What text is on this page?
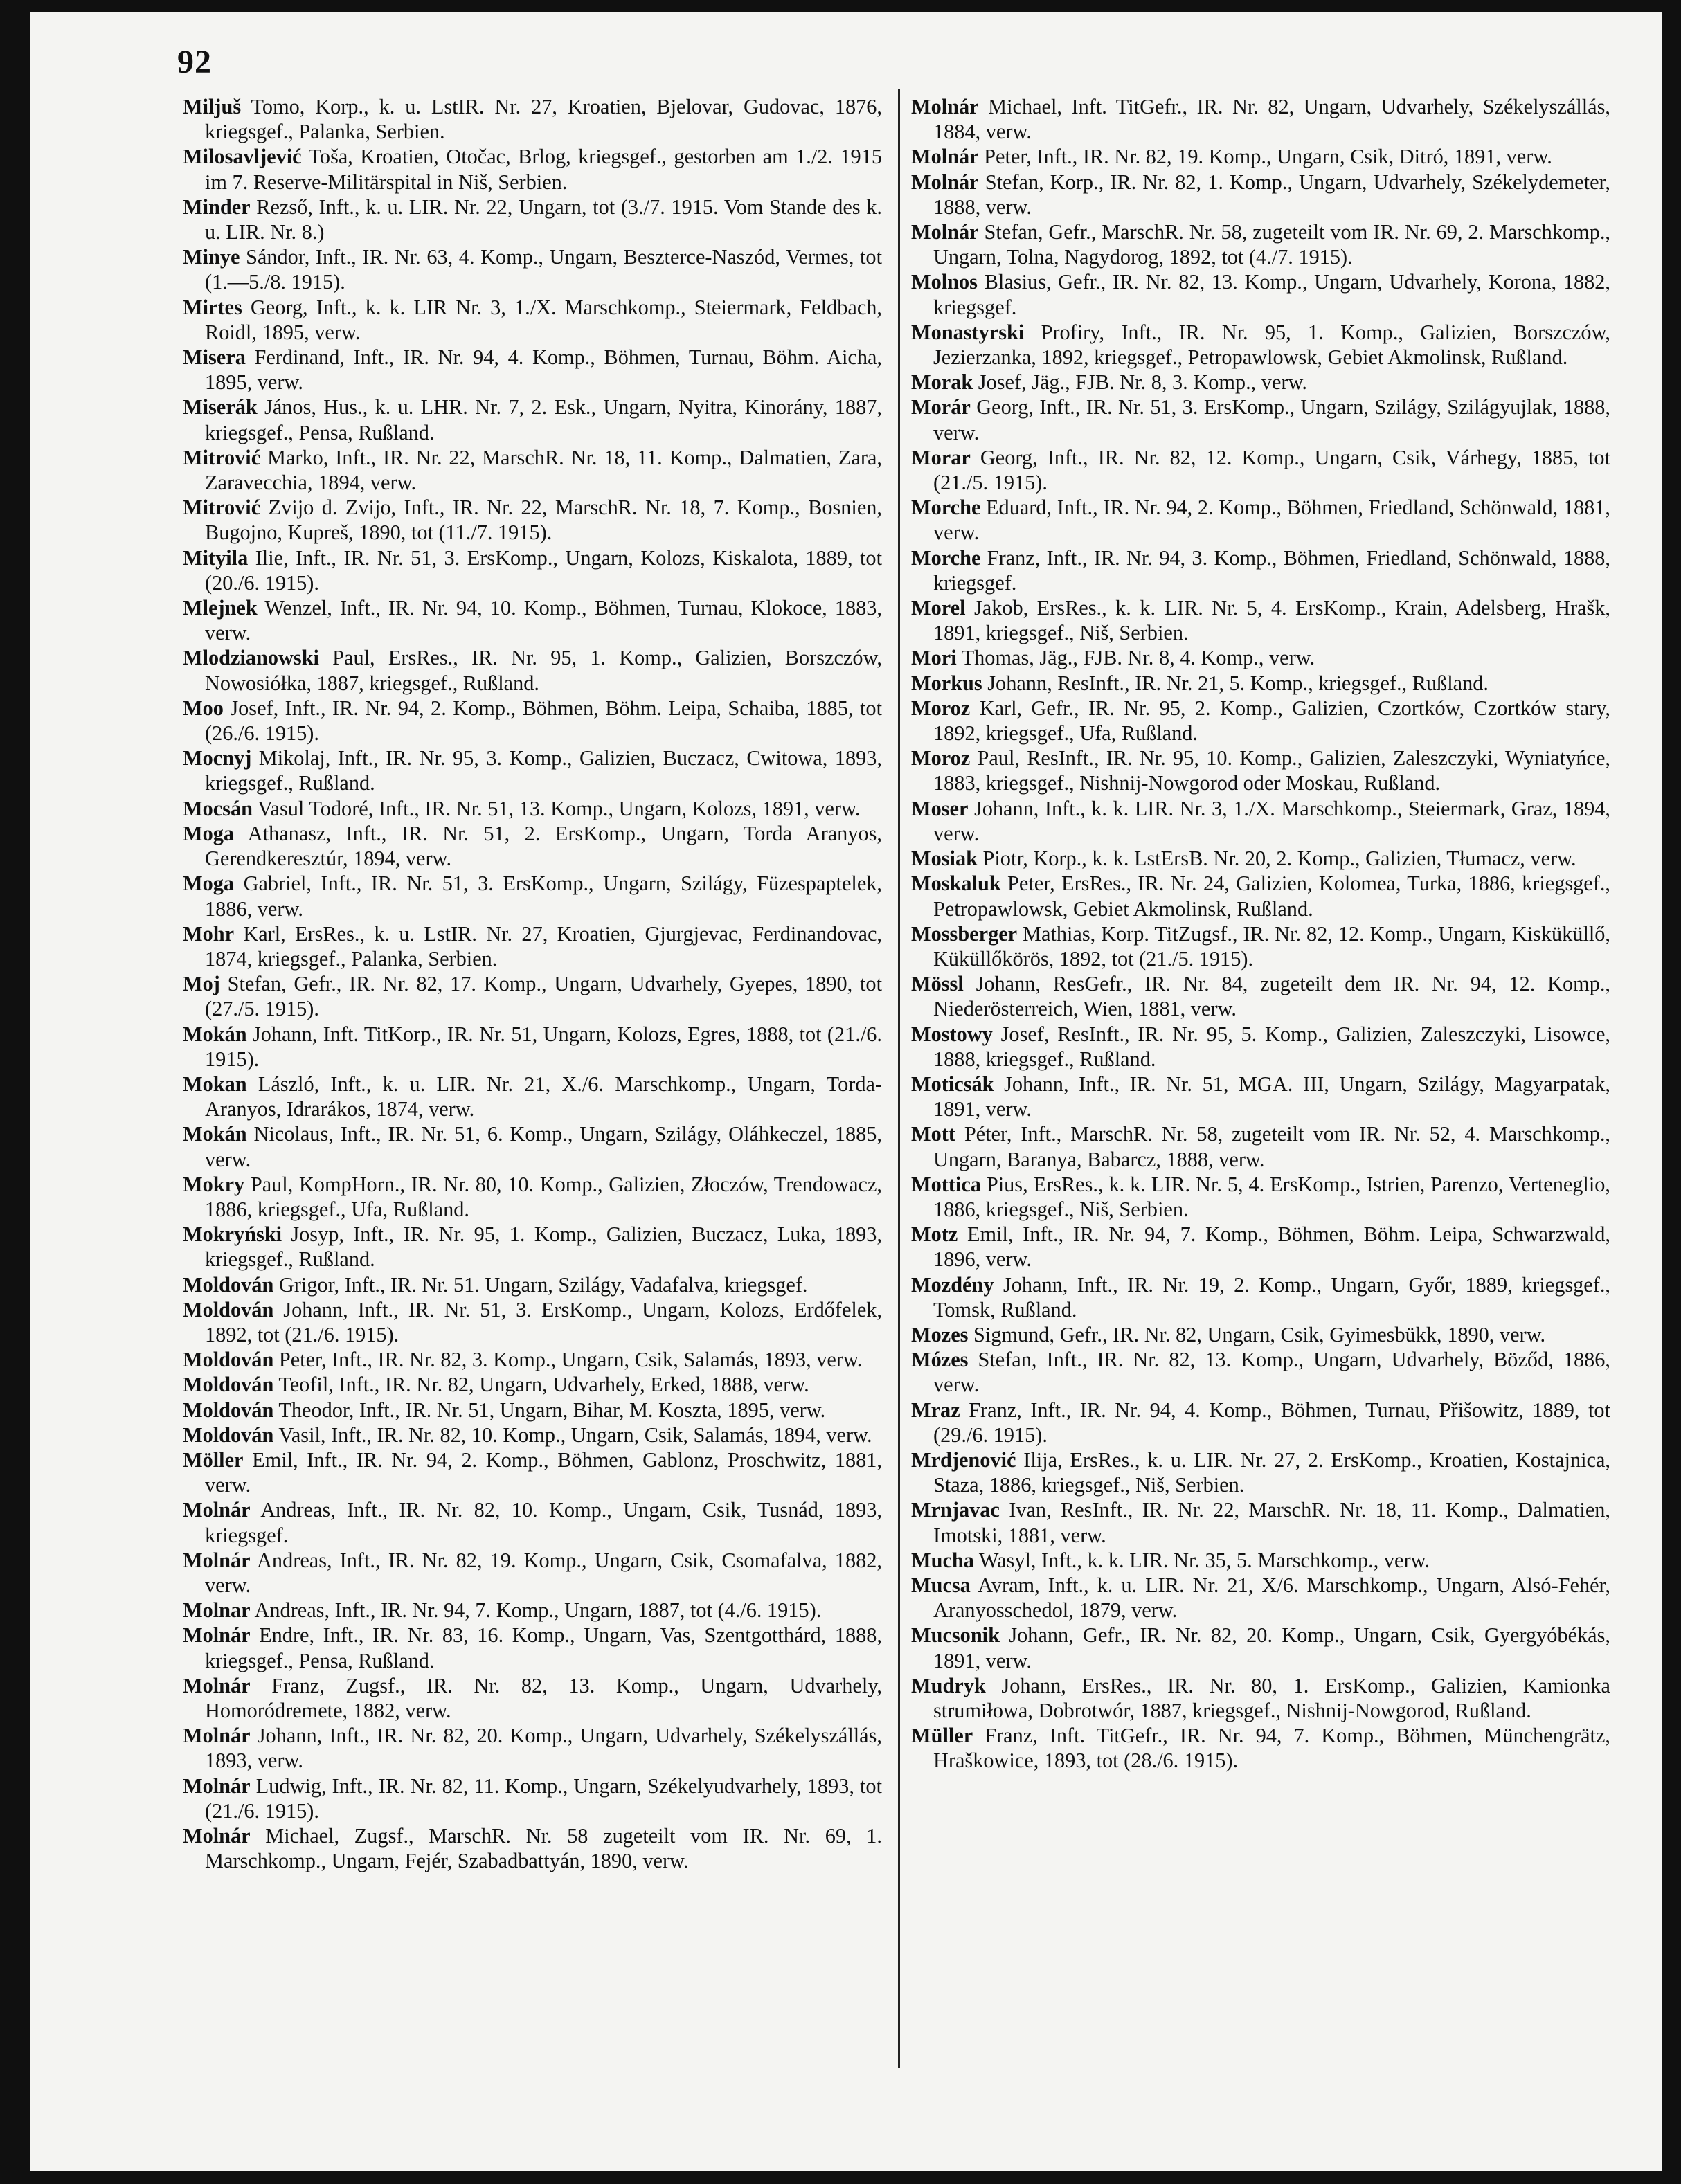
92

Miljuš Tomo, Korp., k. u. LstIR. Nr. 27, Kroatien, Bjelovar, Gudovac, 1876, kriegsgef., Palanka, Serbien.

Milosavljević Toša, Kroatien, Otočac, Brlog, kriegsgef., gestorben am 1./2. 1915 im 7. Reserve-Militärspital in Niš, Serbien.

Minder Rezső, Inft., k. u. LIR. Nr. 22, Ungarn, tot (3./7. 1915. Vom Stande des k. u. LIR. Nr. 8.)

Minye Sándor, Inft., IR. Nr. 63, 4. Komp., Ungarn, Beszterce-Naszód, Vermes, tot (1.—5./8. 1915).

Mirtes Georg, Inft., k. k. LIR Nr. 3, 1./X. Marschkomp., Steiermark, Feldbach, Roidl, 1895, verw.

Misera Ferdinand, Inft., IR. Nr. 94, 4. Komp., Böhmen, Turnau, Böhm. Aicha, 1895, verw.

Miserák János, Hus., k. u. LHR. Nr. 7, 2. Esk., Ungarn, Nyitra, Kinorány, 1887, kriegsgef., Pensa, Rußland.

Mitrović Marko, Inft., IR. Nr. 22, MarschR. Nr. 18, 11. Komp., Dalmatien, Zara, Zaravecchia, 1894, verw.

Mitrović Zvijo d. Zvijo, Inft., IR. Nr. 22, MarschR. Nr. 18, 7. Komp., Bosnien, Bugojno, Kupreš, 1890, tot (11./7. 1915).

Mityila Ilie, Inft., IR. Nr. 51, 3. ErsKomp., Ungarn, Kolozs, Kiskalota, 1889, tot (20./6. 1915).

Mlejnek Wenzel, Inft., IR. Nr. 94, 10. Komp., Böhmen, Turnau, Klokoce, 1883, verw.

Mlodzianowski Paul, ErsRes., IR. Nr. 95, 1. Komp., Galizien, Borszczów, Nowosiółka, 1887, kriegsgef., Rußland.

Moo Josef, Inft., IR. Nr. 94, 2. Komp., Böhmen, Böhm. Leipa, Schaiba, 1885, tot (26./6. 1915).

Mocnyj Mikolaj, Inft., IR. Nr. 95, 3. Komp., Galizien, Buczacz, Cwitowa, 1893, kriegsgef., Rußland.

Mocsán Vasul Todoré, Inft., IR. Nr. 51, 13. Komp., Ungarn, Kolozs, 1891, verw.

Moga Athanasz, Inft., IR. Nr. 51, 2. ErsKomp., Ungarn, Torda Aranyos, Gerendkeresztúr, 1894, verw.

Moga Gabriel, Inft., IR. Nr. 51, 3. ErsKomp., Ungarn, Szilágy, Füzespaptelek, 1886, verw.

Mohr Karl, ErsRes., k. u. LstIR. Nr. 27, Kroatien, Gjurgjevac, Ferdinandovac, 1874, kriegsgef., Palanka, Serbien.

Moj Stefan, Gefr., IR. Nr. 82, 17. Komp., Ungarn, Udvarhely, Gyepes, 1890, tot (27./5. 1915).

Mokán Johann, Inft. TitKorp., IR. Nr. 51, Ungarn, Kolozs, Egres, 1888, tot (21./6. 1915).

Mokan László, Inft., k. u. LIR. Nr. 21, X./6. Marschkomp., Ungarn, Torda-Aranyos, Idrarákos, 1874, verw.

Mokán Nicolaus, Inft., IR. Nr. 51, 6. Komp., Ungarn, Szilágy, Oláhkeczel, 1885, verw.

Mokry Paul, KompHorn., IR. Nr. 80, 10. Komp., Galizien, Złoczów, Trendowacz, 1886, kriegsgef., Ufa, Rußland.

Mokryński Josyp, Inft., IR. Nr. 95, 1. Komp., Galizien, Buczacz, Luka, 1893, kriegsgef., Rußland.

Moldován Grigor, Inft., IR. Nr. 51. Ungarn, Szilágy, Vadafalva, kriegsgef.

Moldován Johann, Inft., IR. Nr. 51, 3. ErsKomp., Ungarn, Kolozs, Erdőfelek, 1892, tot (21./6. 1915).

Moldován Peter, Inft., IR. Nr. 82, 3. Komp., Ungarn, Csik, Salamás, 1893, verw.

Moldován Teofil, Inft., IR. Nr. 82, Ungarn, Udvarhely, Erked, 1888, verw.

Moldován Theodor, Inft., IR. Nr. 51, Ungarn, Bihar, M. Koszta, 1895, verw.

Moldován Vasil, Inft., IR. Nr. 82, 10. Komp., Ungarn, Csik, Salamás, 1894, verw.

Möller Emil, Inft., IR. Nr. 94, 2. Komp., Böhmen, Gablonz, Proschwitz, 1881, verw.

Molnár Andreas, Inft., IR. Nr. 82, 10. Komp., Ungarn, Csik, Tusnád, 1893, kriegsgef.

Molnár Andreas, Inft., IR. Nr. 82, 19. Komp., Ungarn, Csik, Csomafalva, 1882, verw.

Molnar Andreas, Inft., IR. Nr. 94, 7. Komp., Ungarn, 1887, tot (4./6. 1915).

Molnár Endre, Inft., IR. Nr. 83, 16. Komp., Ungarn, Vas, Szentgotthárd, 1888, kriegsgef., Pensa, Rußland.

Molnár Franz, Zugsf., IR. Nr. 82, 13. Komp., Ungarn, Udvarhely, Homoródremete, 1882, verw.

Molnár Johann, Inft., IR. Nr. 82, 20. Komp., Ungarn, Udvarhely, Székelyszállás, 1893, verw.

Molnár Ludwig, Inft., IR. Nr. 82, 11. Komp., Ungarn, Székelyudvarhely, 1893, tot (21./6. 1915).

Molnár Michael, Zugsf., MarschR. Nr. 58 zugeteilt vom IR. Nr. 69, 1. Marschkomp., Ungarn, Fejér, Szabadbattyán, 1890, verw.

Molnár Michael, Inft. TitGefr., IR. Nr. 82, Ungarn, Udvarhely, Székelyszállás, 1884, verw.

Molnár Peter, Inft., IR. Nr. 82, 19. Komp., Ungarn, Csik, Ditró, 1891, verw.

Molnár Stefan, Korp., IR. Nr. 82, 1. Komp., Ungarn, Udvarhely, Székelydemeter, 1888, verw.

Molnár Stefan, Gefr., MarschR. Nr. 58, zugeteilt vom IR. Nr. 69, 2. Marschkomp., Ungarn, Tolna, Nagydorog, 1892, tot (4./7. 1915).

Molnos Blasius, Gefr., IR. Nr. 82, 13. Komp., Ungarn, Udvarhely, Korona, 1882, kriegsgef.

Monastyrski Profiry, Inft., IR. Nr. 95, 1. Komp., Galizien, Borszczów, Jezierzanka, 1892, kriegsgef., Petropawlowsk, Gebiet Akmolinsk, Rußland.

Morak Josef, Jäg., FJB. Nr. 8, 3. Komp., verw.

Morár Georg, Inft., IR. Nr. 51, 3. ErsKomp., Ungarn, Szilágy, Szilágyujlak, 1888, verw.

Morar Georg, Inft., IR. Nr. 82, 12. Komp., Ungarn, Csik, Várhegy, 1885, tot (21./5. 1915).

Morche Eduard, Inft., IR. Nr. 94, 2. Komp., Böhmen, Friedland, Schönwald, 1881, verw.

Morche Franz, Inft., IR. Nr. 94, 3. Komp., Böhmen, Friedland, Schönwald, 1888, kriegsgef.

Morel Jakob, ErsRes., k. k. LIR. Nr. 5, 4. ErsKomp., Krain, Adelsberg, Hrašk, 1891, kriegsgef., Niš, Serbien.

Mori Thomas, Jäg., FJB. Nr. 8, 4. Komp., verw.

Morkus Johann, ResInft., IR. Nr. 21, 5. Komp., kriegsgef., Rußland.

Moroz Karl, Gefr., IR. Nr. 95, 2. Komp., Galizien, Czortków, Czortków stary, 1892, kriegsgef., Ufa, Rußland.

Moroz Paul, ResInft., IR. Nr. 95, 10. Komp., Galizien, Zaleszczyki, Wyniatyńce, 1883, kriegsgef., Nishnij-Nowgorod oder Moskau, Rußland.

Moser Johann, Inft., k. k. LIR. Nr. 3, 1./X. Marschkomp., Steiermark, Graz, 1894, verw.

Mosiak Piotr, Korp., k. k. LstErsB. Nr. 20, 2. Komp., Galizien, Tłumacz, verw.

Moskaluk Peter, ErsRes., IR. Nr. 24, Galizien, Kolomea, Turka, 1886, kriegsgef., Petropawlowsk, Gebiet Akmolinsk, Rußland.

Mossberger Mathias, Korp. TitZugsf., IR. Nr. 82, 12. Komp., Ungarn, Kisküküllő, Küküllőkörös, 1892, tot (21./5. 1915).

Mössl Johann, ResGefr., IR. Nr. 84, zugeteilt dem IR. Nr. 94, 12. Komp., Niederösterreich, Wien, 1881, verw.

Mostowy Josef, ResInft., IR. Nr. 95, 5. Komp., Galizien, Zaleszczyki, Lisowce, 1888, kriegsgef., Rußland.

Moticsák Johann, Inft., IR. Nr. 51, MGA. III, Ungarn, Szilágy, Magyarpatak, 1891, verw.

Mott Péter, Inft., MarschR. Nr. 58, zugeteilt vom IR. Nr. 52, 4. Marschkomp., Ungarn, Baranya, Babarcz, 1888, verw.

Mottica Pius, ErsRes., k. k. LIR. Nr. 5, 4. ErsKomp., Istrien, Parenzo, Verteneglio, 1886, kriegsgef., Niš, Serbien.

Motz Emil, Inft., IR. Nr. 94, 7. Komp., Böhmen, Böhm. Leipa, Schwarzwald, 1896, verw.

Mozdény Johann, Inft., IR. Nr. 19, 2. Komp., Ungarn, Győr, 1889, kriegsgef., Tomsk, Rußland.

Mozes Sigmund, Gefr., IR. Nr. 82, Ungarn, Csik, Gyimesbükk, 1890, verw.

Mózes Stefan, Inft., IR. Nr. 82, 13. Komp., Ungarn, Udvarhely, Böződ, 1886, verw.

Mraz Franz, Inft., IR. Nr. 94, 4. Komp., Böhmen, Turnau, Přišowitz, 1889, tot (29./6. 1915).

Mrdjenović Ilija, ErsRes., k. u. LIR. Nr. 27, 2. ErsKomp., Kroatien, Kostajnica, Staza, 1886, kriegsgef., Niš, Serbien.

Mrnjavac Ivan, ResInft., IR. Nr. 22, MarschR. Nr. 18, 11. Komp., Dalmatien, Imotski, 1881, verw.

Mucha Wasyl, Inft., k. k. LIR. Nr. 35, 5. Marschkomp., verw.

Mucsa Avram, Inft., k. u. LIR. Nr. 21, X/6. Marschkomp., Ungarn, Alsó-Fehér, Aranyosschedol, 1879, verw.

Mucsonik Johann, Gefr., IR. Nr. 82, 20. Komp., Ungarn, Csik, Gyergyóbékás, 1891, verw.

Mudryk Johann, ErsRes., IR. Nr. 80, 1. ErsKomp., Galizien, Kamionka strumiłowa, Dobrotwór, 1887, kriegsgef., Nishnij-Nowgorod, Rußland.

Müller Franz, Inft. TitGefr., IR. Nr. 94, 7. Komp., Böhmen, Münchengrätz, Hraškowice, 1893, tot (28./6. 1915).
